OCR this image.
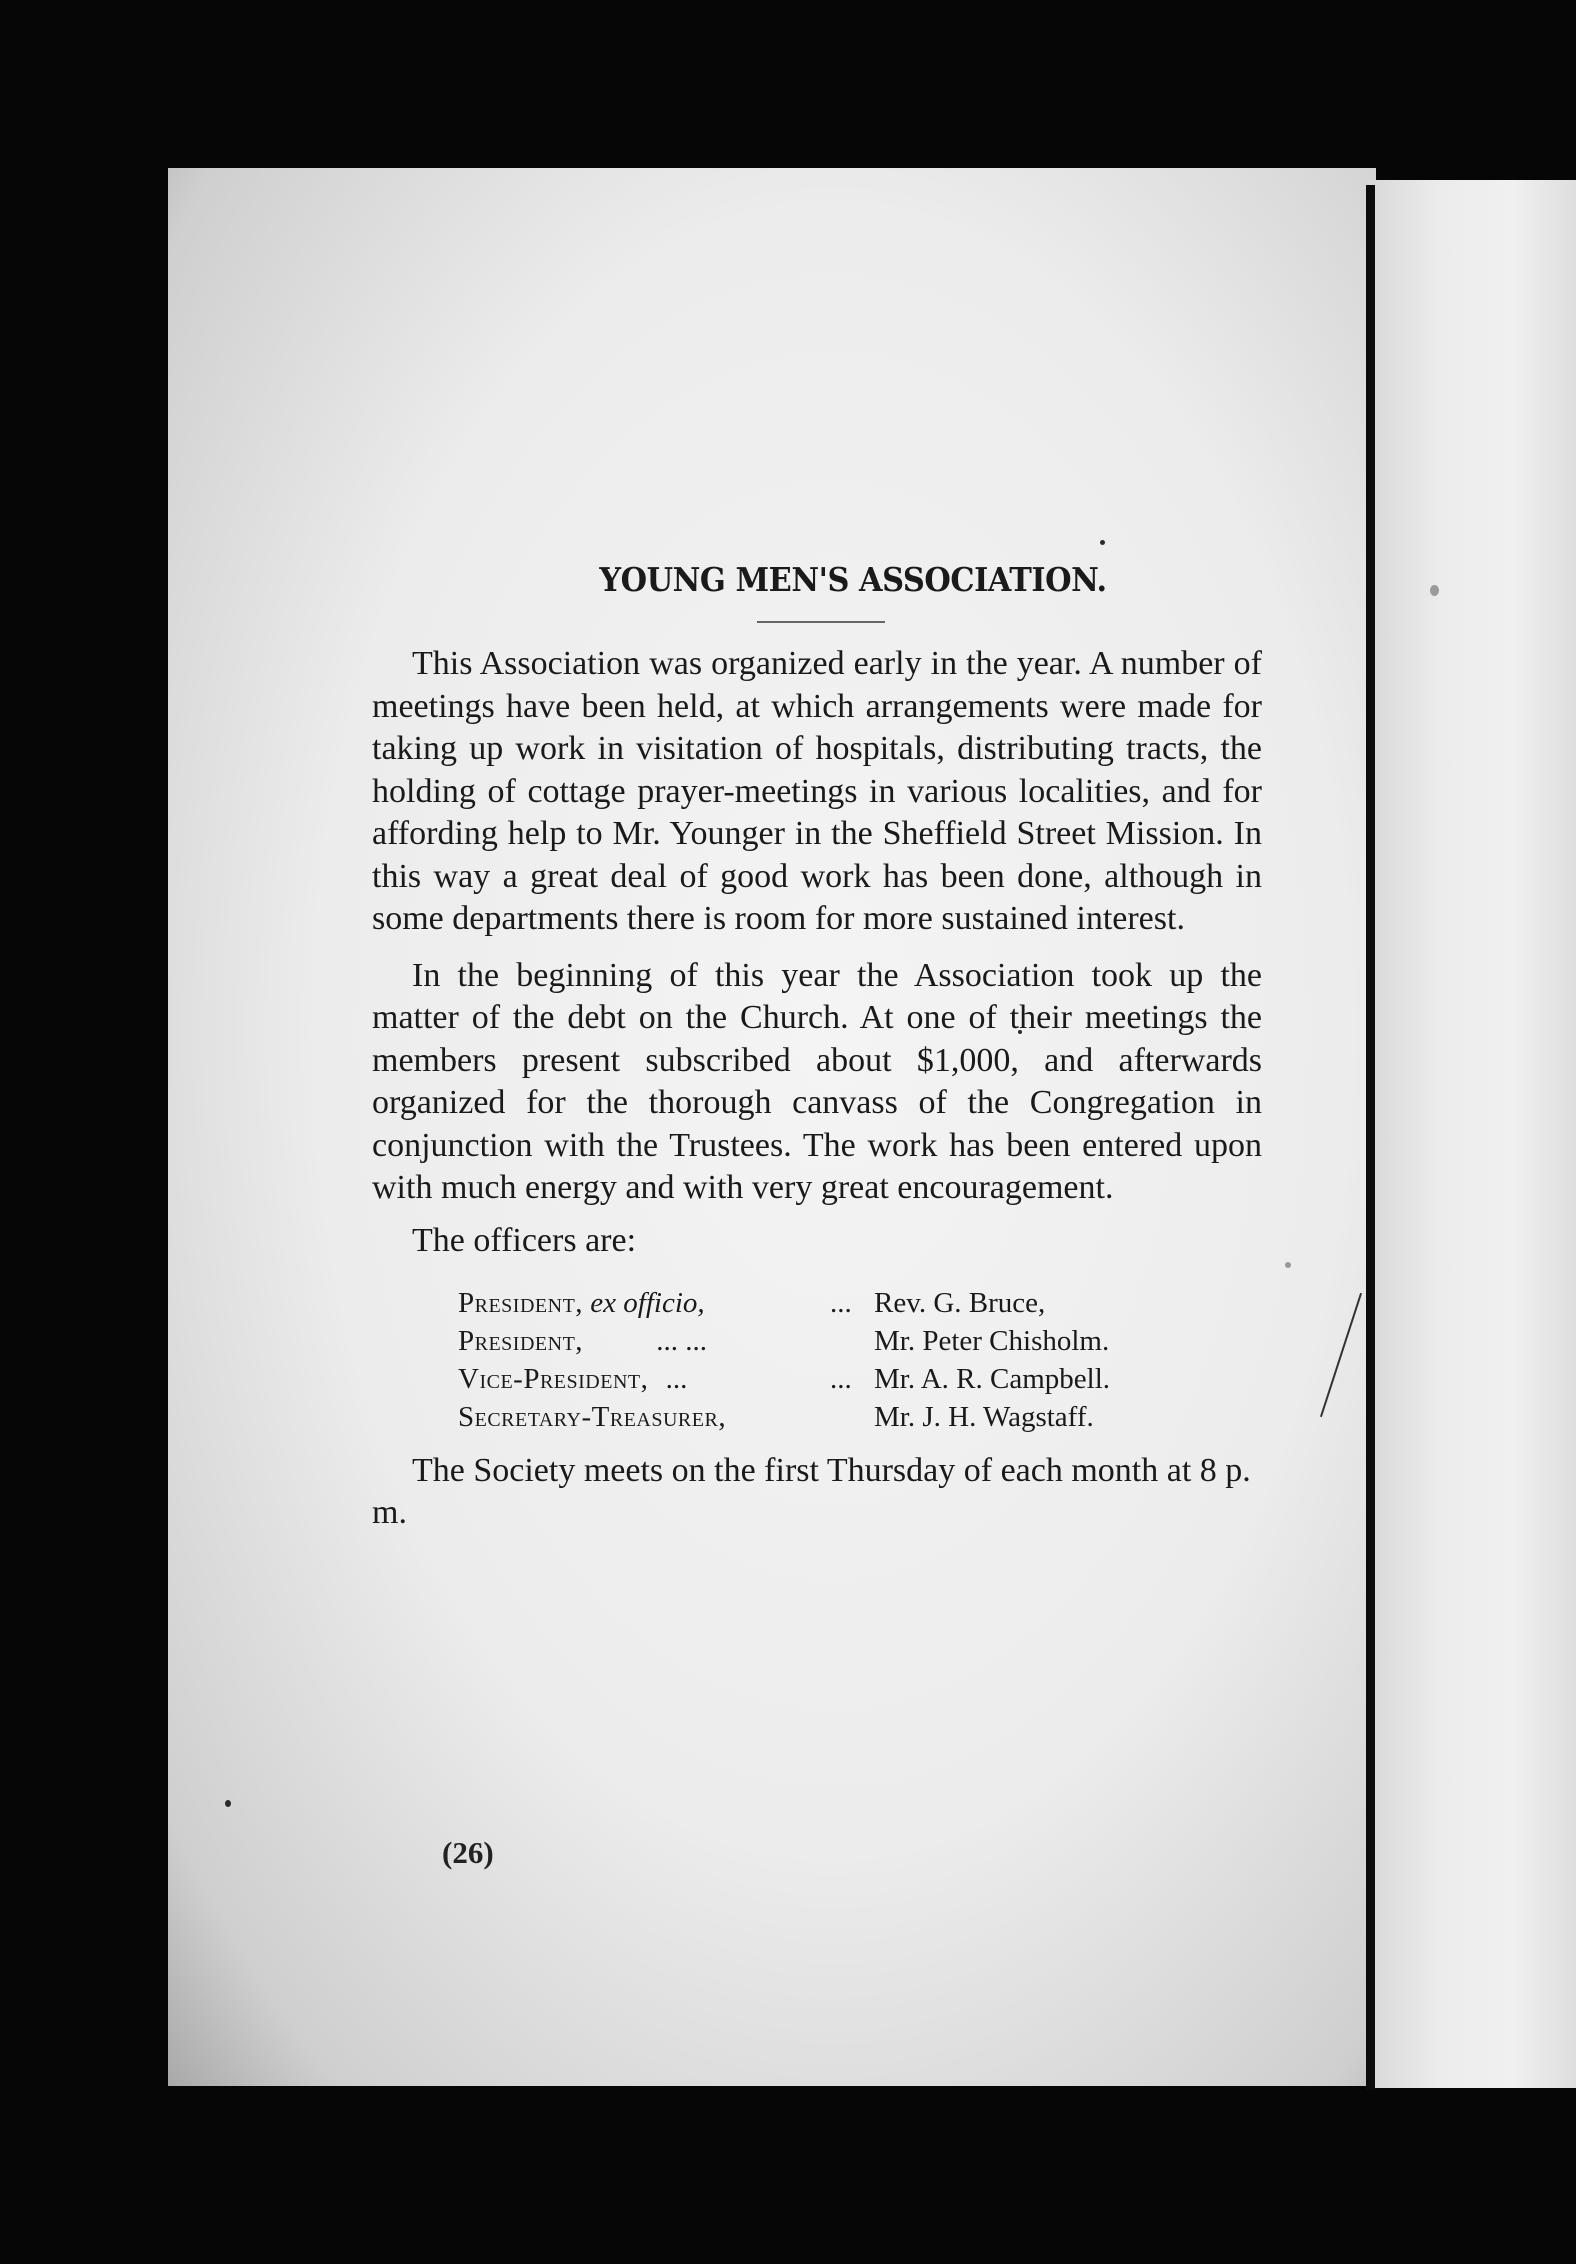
YOUNG MEN'S ASSOCIATION.

This Association was organized early in the year. A number of meetings have been held, at which arrangements were made for taking up work in visitation of hospitals, distributing tracts, the holding of cottage prayer-meetings in various localities, and for affording help to Mr. Younger in the Sheffield Street Mission. In this way a great deal of good work has been done, although in some departments there is room for more sustained interest.

In the beginning of this year the Association took up the matter of the debt on the Church. At one of their meetings the members present subscribed about $1,000, and afterwards organized for the thorough canvass of the Congregation in conjunction with the Trustees. The work has been entered upon with much energy and with very great encouragement.

The officers are:
President, ex officio,	...	Rev. G. Bruce,
President, ... ...		Mr. Peter Chisholm.
Vice-President, ...	...	Mr. A. R. Campbell.
Secretary-Treasurer,		Mr. J. H. Wagstaff.

The Society meets on the first Thursday of each month at 8 p. m.

(26)
